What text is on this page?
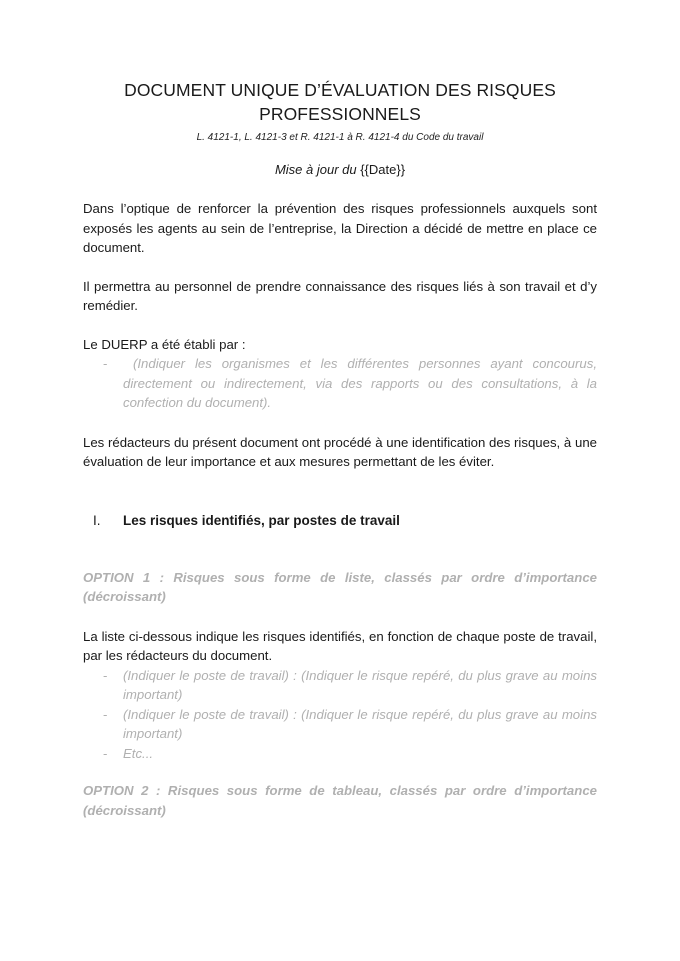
DOCUMENT UNIQUE D’ÉVALUATION DES RISQUES
PROFESSIONNELS
L. 4121-1, L. 4121-3 et R. 4121-1 à R. 4121-4 du Code du travail
Mise à jour du {{Date}}

Dans l’optique de renforcer la prévention des risques professionnels auxquels sont exposés les agents au sein de l’entreprise, la Direction a décidé de mettre en place ce document.

Il permettra au personnel de prendre connaissance des risques liés à son travail et d’y remédier.

Le DUERP a été établi par :

- (Indiquer les organismes et les différentes personnes ayant concourus, directement ou indirectement, via des rapports ou des consultations, à la confection du document).

Les rédacteurs du présent document ont procédé à une identification des risques, à une évaluation de leur importance et aux mesures permettant de les éviter.

I.	Les risques identifiés, par postes de travail

OPTION 1 : Risques sous forme de liste, classés par ordre d’importance (décroissant)

La liste ci-dessous indique les risques identifiés, en fonction de chaque poste de travail, par les rédacteurs du document.

- (Indiquer le poste de travail) : (Indiquer le risque repéré, du plus grave au moins important)
- (Indiquer le poste de travail) : (Indiquer le risque repéré, du plus grave au moins important)
- Etc...

OPTION 2 : Risques sous forme de tableau, classés par ordre d’importance (décroissant)
